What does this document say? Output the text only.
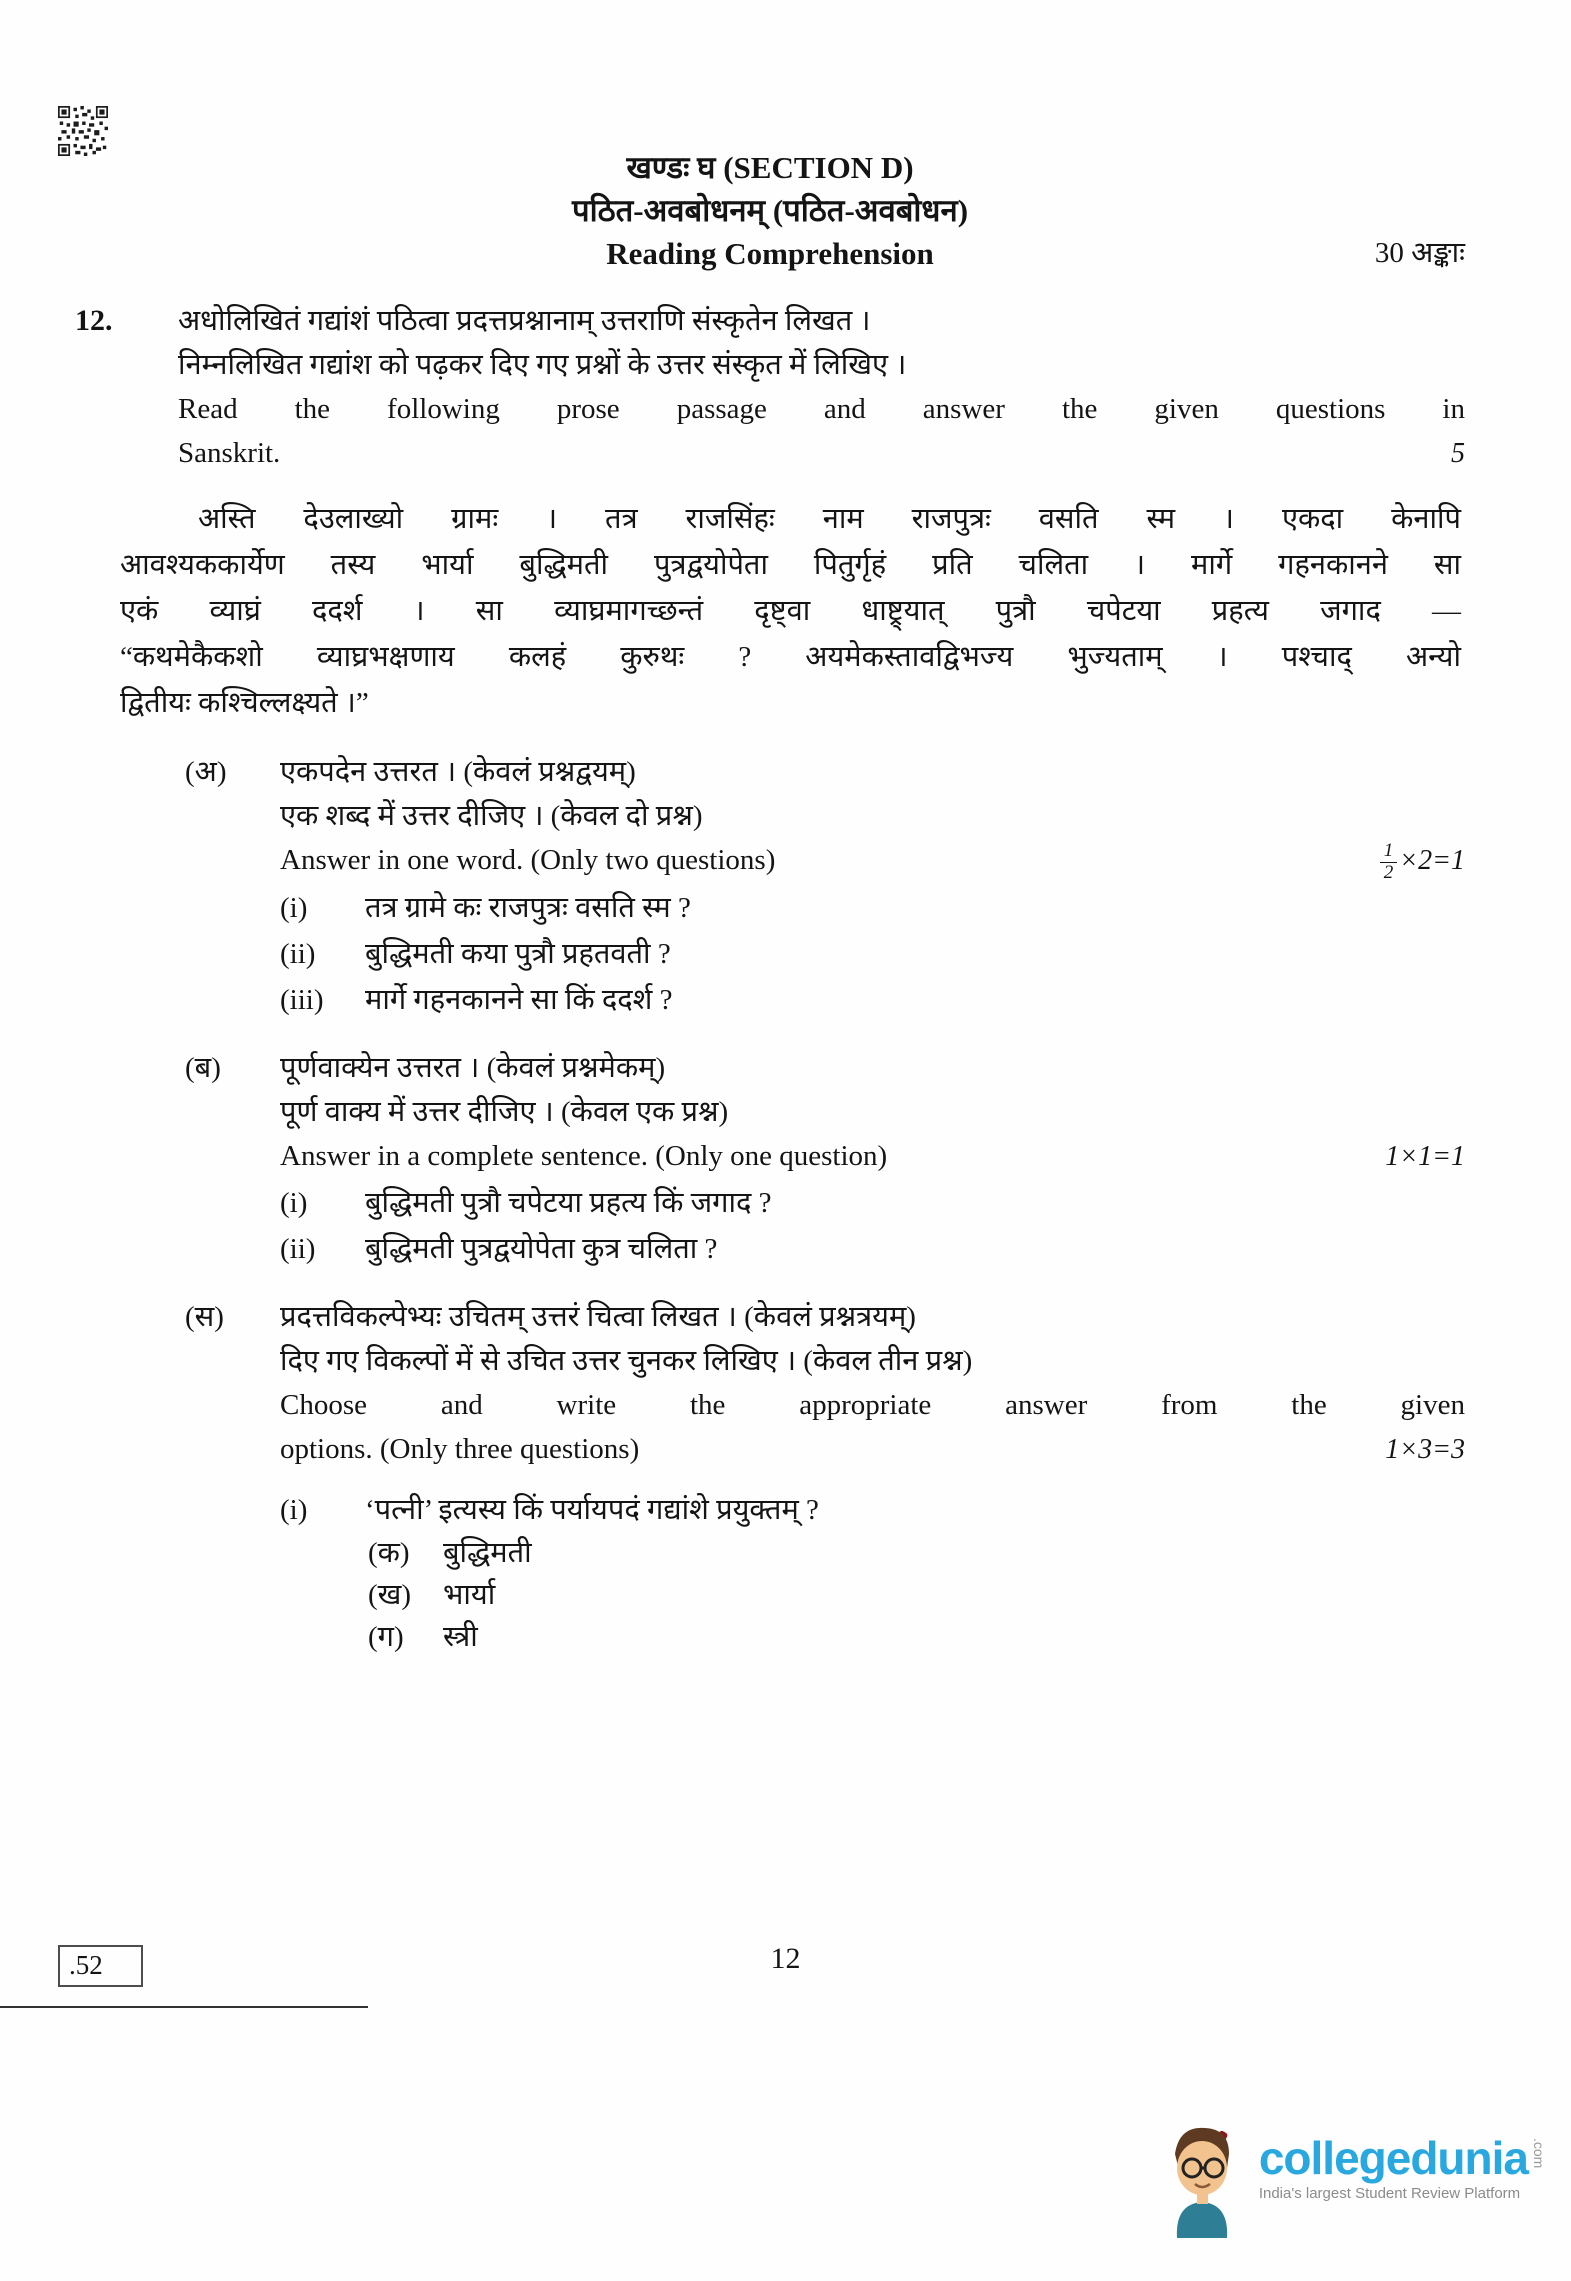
खण्डः घ (SECTION D)
पठित-अवबोधनम् (पठित-अवबोधन)
Reading Comprehension	30 अङ्काः
12.	अधोलिखितं गद्यांशं पठित्वा प्रदत्तप्रश्नानाम् उत्तराणि संस्कृतेन लिखत ।
निम्नलिखित गद्यांश को पढ़कर दिए गए प्रश्नों के उत्तर संस्कृत में लिखिए ।
Read the following prose passage and answer the given questions in
Sanskrit.	5
अस्ति देउलाख्यो ग्रामः । तत्र राजसिंहः नाम राजपुत्रः वसति स्म । एकदा केनापि
आवश्यककार्येण तस्य भार्या बुद्धिमती पुत्रद्वयोपेता पितुर्गृहं प्रति चलिता । मार्गे गहनकानने सा
एकं व्याघ्रं ददर्श । सा व्याघ्रमागच्छन्तं दृष्ट्वा धाष्ट्र्यात् पुत्रौ चपेटया प्रहत्य जगाद —
“कथमेकैकशो व्याघ्रभक्षणाय कलहं कुरुथः ? अयमेकस्तावद्विभज्य भुज्यताम् । पश्चाद् अन्यो
द्वितीयः कश्चिल्लक्ष्यते ।”
(अ)	एकपदेन उत्तरत । (केवलं प्रश्नद्वयम्)
एक शब्द में उत्तर दीजिए । (केवल दो प्रश्न)
Answer in one word. (Only two questions)	$\frac{1}{2} \times 2=1$
(i)	तत्र ग्रामे कः राजपुत्रः वसति स्म ?
(ii)	बुद्धिमती कया पुत्रौ प्रहतवती ?
(iii)	मार्गे गहनकानने सा किं ददर्श ?
(ब)	पूर्णवाक्येन उत्तरत । (केवलं प्रश्नमेकम्)
पूर्ण वाक्य में उत्तर दीजिए । (केवल एक प्रश्न)
Answer in a complete sentence. (Only one question)	1×1=1
(i)	बुद्धिमती पुत्रौ चपेटया प्रहत्य किं जगाद ?
(ii)	बुद्धिमती पुत्रद्वयोपेता कुत्र चलिता ?
(स)	प्रदत्तविकल्पेभ्यः उचितम् उत्तरं चित्वा लिखत । (केवलं प्रश्नत्रयम्)
दिए गए विकल्पों में से उचित उत्तर चुनकर लिखिए । (केवल तीन प्रश्न)
Choose and write the appropriate answer from the given
options. (Only three questions)	1×3=3
(i)	‘पत्नी’ इत्यस्य किं पर्यायपदं गद्यांशे प्रयुक्तम् ?
(क)	बुद्धिमती
(ख)	भार्या
(ग)	स्त्री
.52	12
collegedunia .com
India's largest Student Review Platform
